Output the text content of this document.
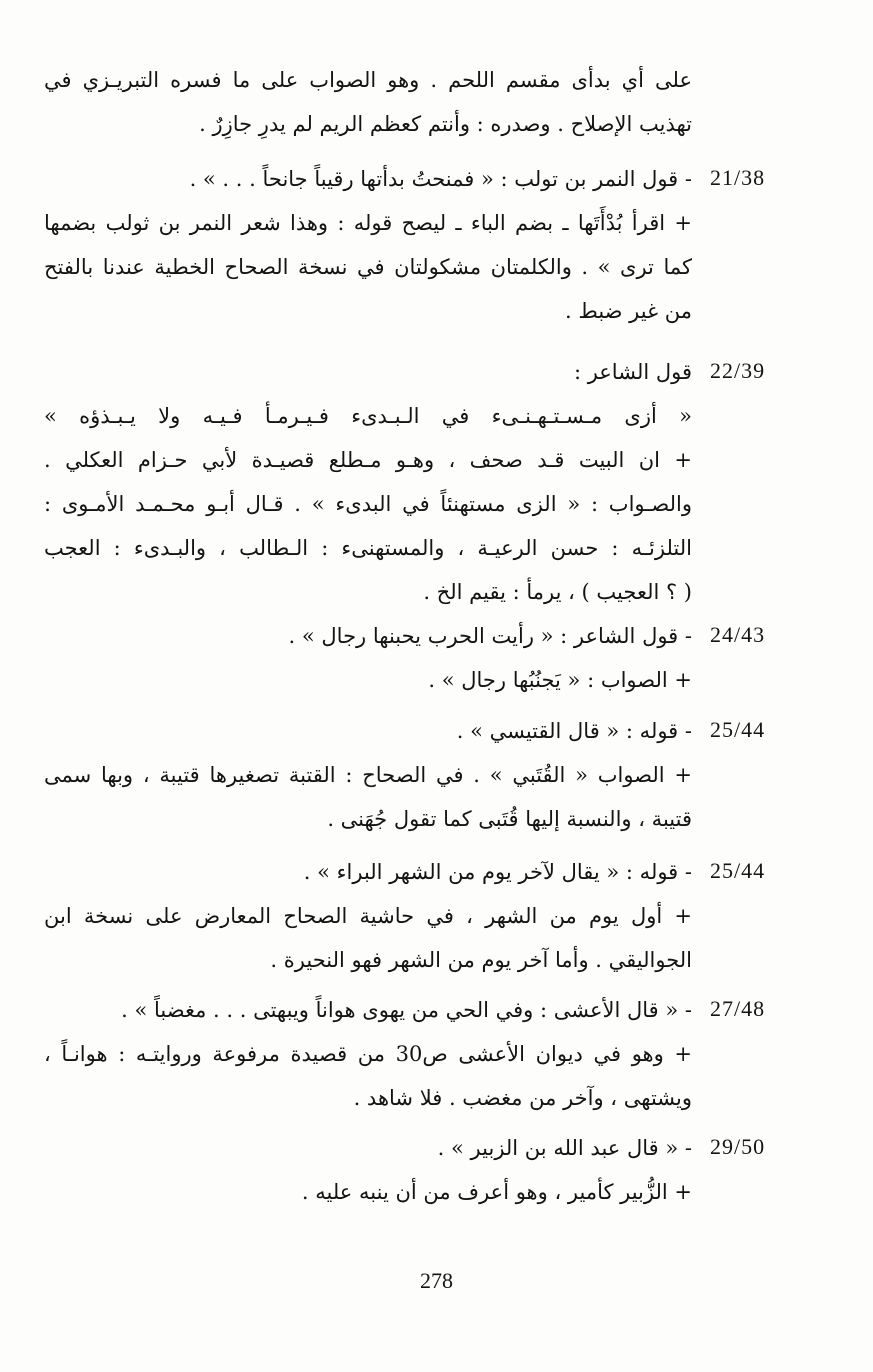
على أي بدأى مقسم اللحم . وهو الصواب على ما فسره التبريـزي في
تهذيب الإصلاح . وصدره : وأنتم كعظم الريم لم يدرِ جازِرٌ .
21/38
- قول النمر بن تولب : « فمنحتُ بدأتها رقيباً جانحاً . . . » .
+ اقرأ بُدْأَتَها ـ بضم الباء ـ ليصح قوله : وهذا شعر النمر بن ثولب بضمها
كما ترى » . والكلمتان مشكولتان في نسخة الصحاح الخطية عندنا بالفتح
من غير ضبط .
22/39
قول الشاعر :
« أزى مـسـتـهـنـىء في الـبـدىء فـيـرمـأ فـيـه ولا يـبـذؤه »
+ ان البيت قـد صحف ، وهـو مـطلع قصيـدة لأبي حـزام العكلي .
والصـواب : « الزى مستهنئاً في البدىء » . قـال أبـو محـمـد الأمـوى :
التلزئـه : حسن الرعيـة ، والمستهنىء : الـطالب ، والبـدىء : العجب
( ؟ العجيب ) ، يرمأ : يقيم الخ .
24/43
- قول الشاعر : « رأيت الحرب يحبنها رجال » .
+ الصواب : « يَجنُبُها رجال » .
25/44
- قوله : « قال القتيسي » .
+ الصواب « القُتَبي » . في الصحاح : القتبة تصغيرها قتيبة ، وبها سمى
قتيبة ، والنسبة إليها قُتَبى كما تقول جُهَنى .
25/44
- قوله : « يقال لآخر يوم من الشهر البراء » .
+ أول يوم من الشهر ، في حاشية الصحاح المعارض على نسخة ابن
الجواليقي . وأما آخر يوم من الشهر فهو النحيرة .
27/48
- « قال الأعشى : وفي الحي من يهوى هواناً ويبهتى . . . مغضباً » .
+ وهو في ديوان الأعشى ص30 من قصيدة مرفوعة وروايتـه : هوانـاً ،
ويشتهى ، وآخر من مغضب . فلا شاهد .
29/50
- « قال عبد الله بن الزبير » .
+ الزُّبير كأمير ، وهو أعرف من أن ينبه عليه .
278
